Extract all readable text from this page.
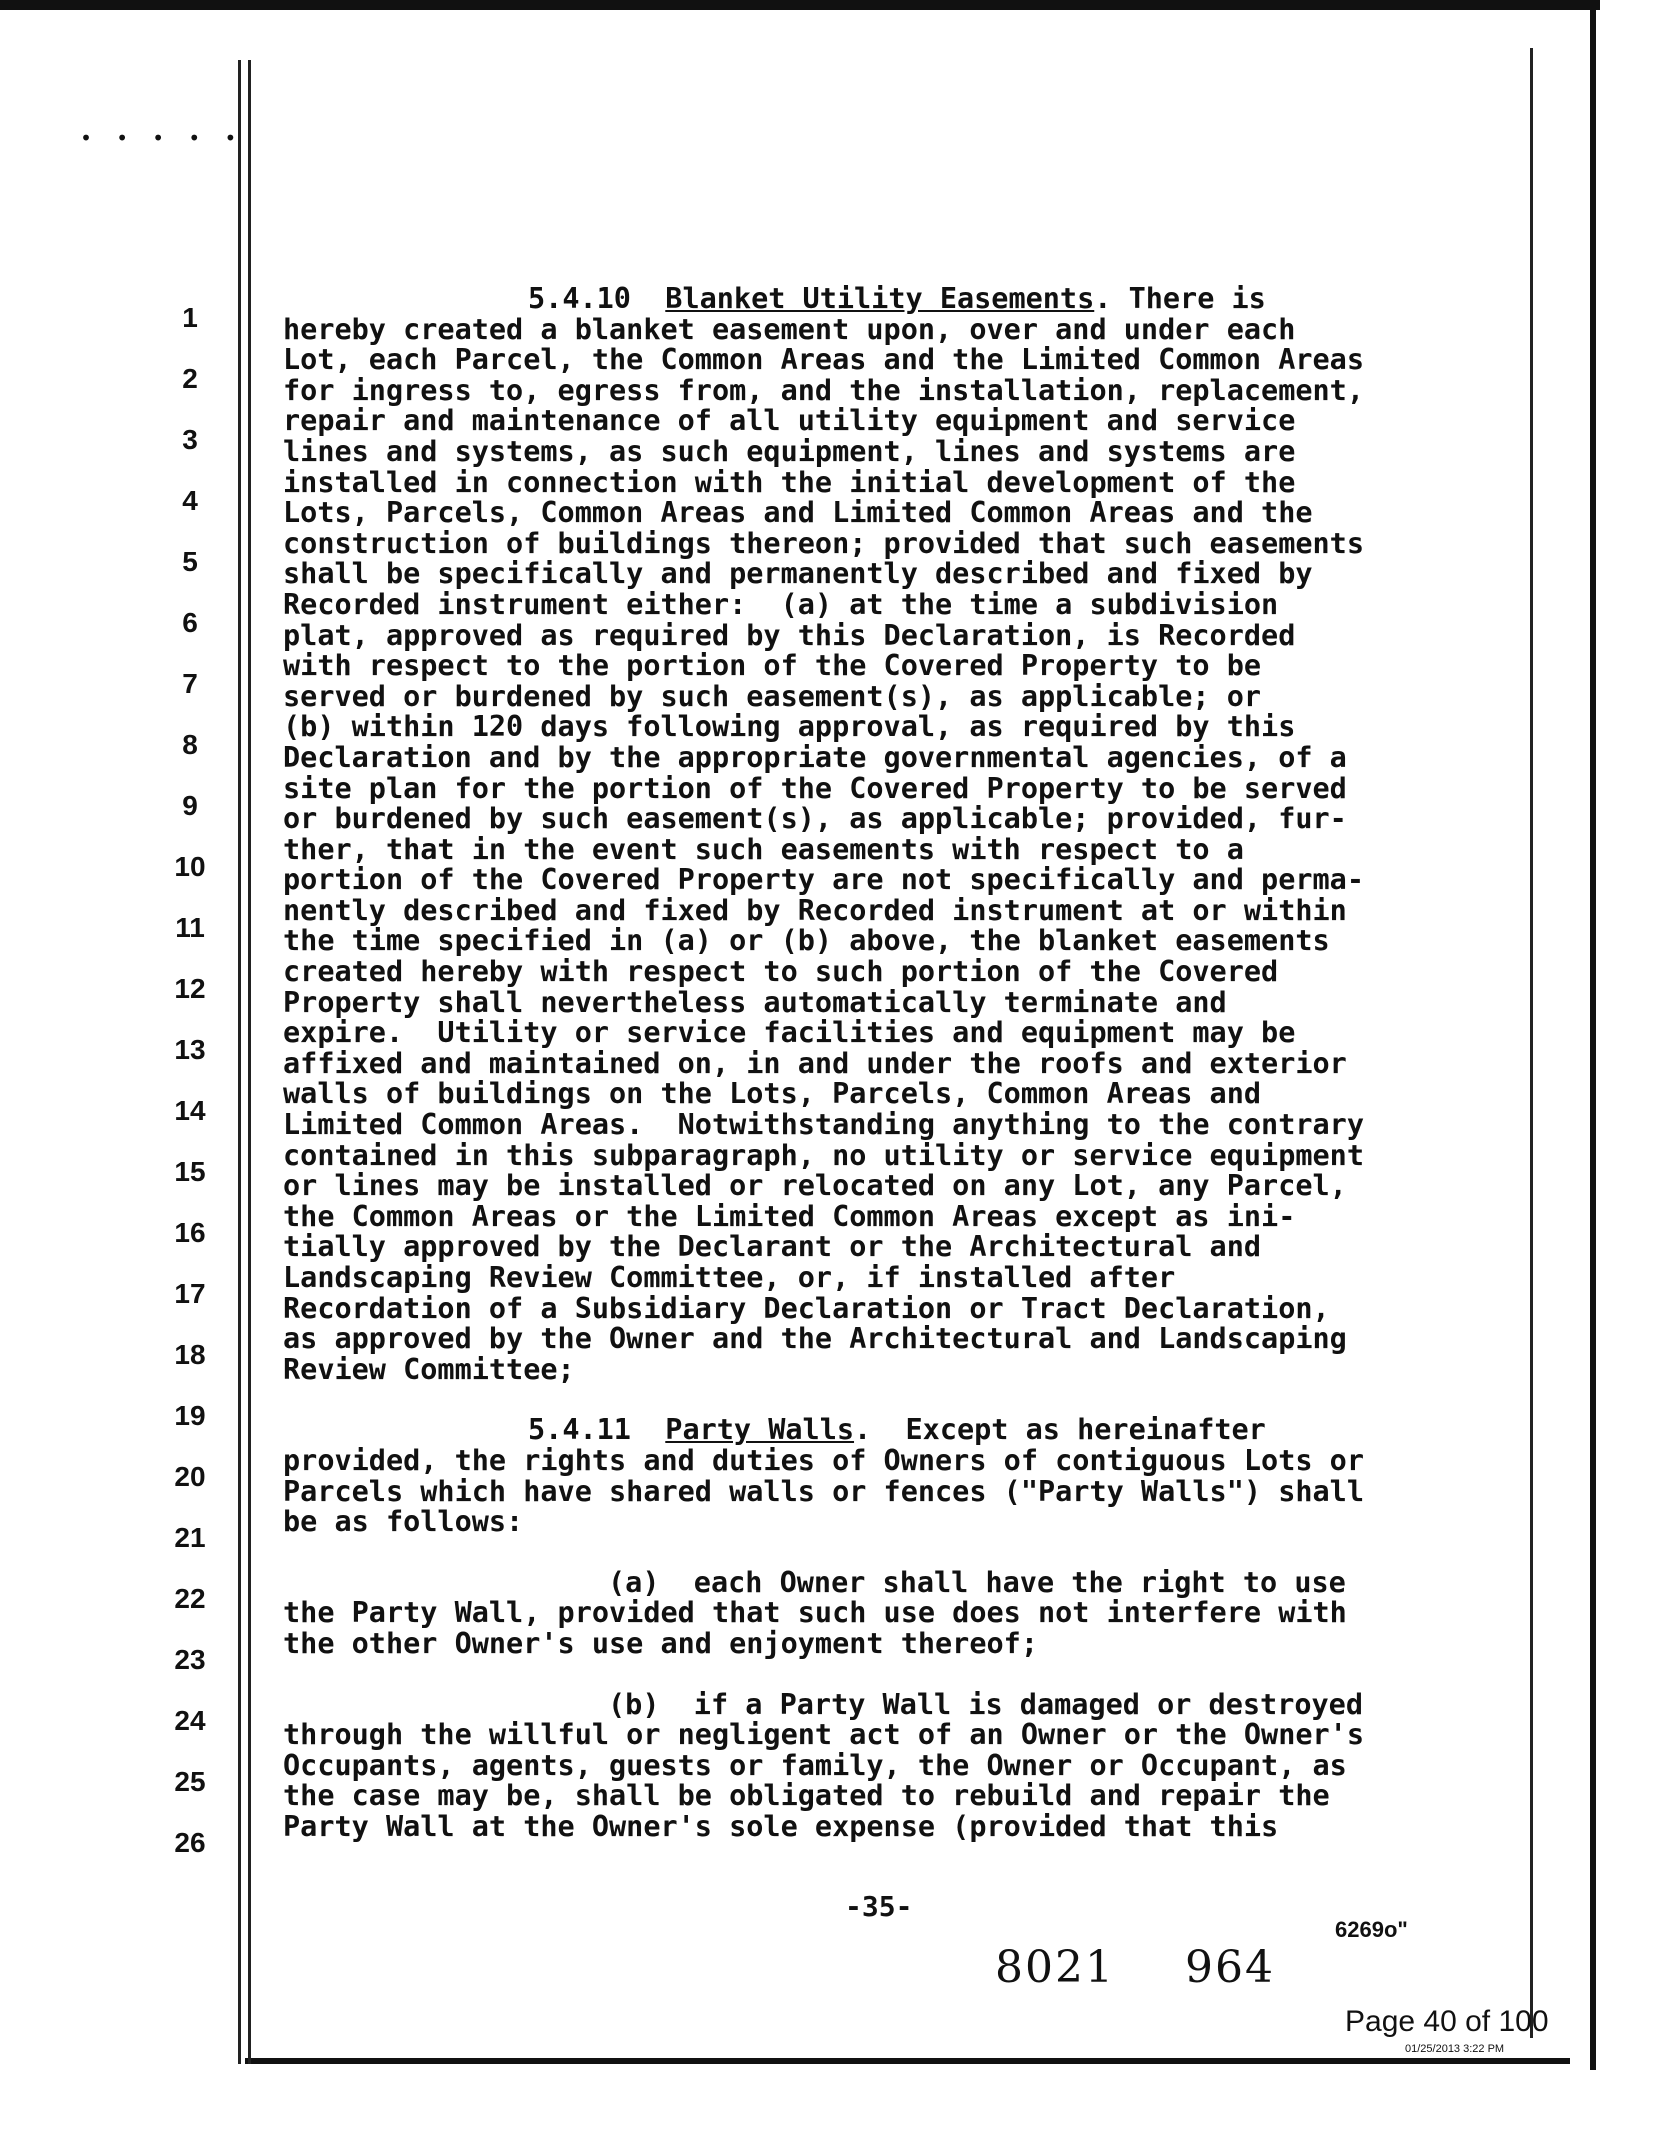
• • • • •
1
2
3
4
5
6
7
8
9
10
11
12
13
14
15
16
17
18
19
20
21
22
23
24
25
26

5.4.10 Blanket Utility Easements. There is
hereby created a blanket easement upon, over and under each
Lot, each Parcel, the Common Areas and the Limited Common Areas
for ingress to, egress from, and the installation, replacement,
repair and maintenance of all utility equipment and service
lines and systems, as such equipment, lines and systems are
installed in connection with the initial development of the
Lots, Parcels, Common Areas and Limited Common Areas and the
construction of buildings thereon; provided that such easements
shall be specifically and permanently described and fixed by
Recorded instrument either:  (a) at the time a subdivision
plat, approved as required by this Declaration, is Recorded
with respect to the portion of the Covered Property to be
served or burdened by such easement(s), as applicable; or
(b) within 120 days following approval, as required by this
Declaration and by the appropriate governmental agencies, of a
site plan for the portion of the Covered Property to be served
or burdened by such easement(s), as applicable; provided, fur-
ther, that in the event such easements with respect to a
portion of the Covered Property are not specifically and perma-
nently described and fixed by Recorded instrument at or within
the time specified in (a) or (b) above, the blanket easements
created hereby with respect to such portion of the Covered
Property shall nevertheless automatically terminate and
expire.  Utility or service facilities and equipment may be
affixed and maintained on, in and under the roofs and exterior
walls of buildings on the Lots, Parcels, Common Areas and
Limited Common Areas.  Notwithstanding anything to the contrary
contained in this subparagraph, no utility or service equipment
or lines may be installed or relocated on any Lot, any Parcel,
the Common Areas or the Limited Common Areas except as ini-
tially approved by the Declarant or the Architectural and
Landscaping Review Committee, or, if installed after
Recordation of a Subsidiary Declaration or Tract Declaration,
as approved by the Owner and the Architectural and Landscaping
Review Committee;

5.4.11 Party Walls.  Except as hereinafter
provided, the rights and duties of Owners of contiguous Lots or
Parcels which have shared walls or fences ("Party Walls") shall
be as follows:

(a)  each Owner shall have the right to use
the Party Wall, provided that such use does not interfere with
the other Owner's use and enjoyment thereof;

(b)  if a Party Wall is damaged or destroyed
through the willful or negligent act of an Owner or the Owner's
Occupants, agents, guests or family, the Owner or Occupant, as
the case may be, shall be obligated to rebuild and repair the
Party Wall at the Owner's sole expense (provided that this

-35-
6269o"
8021 964
Page 40 of 100
01/25/2013 3:22 PM
